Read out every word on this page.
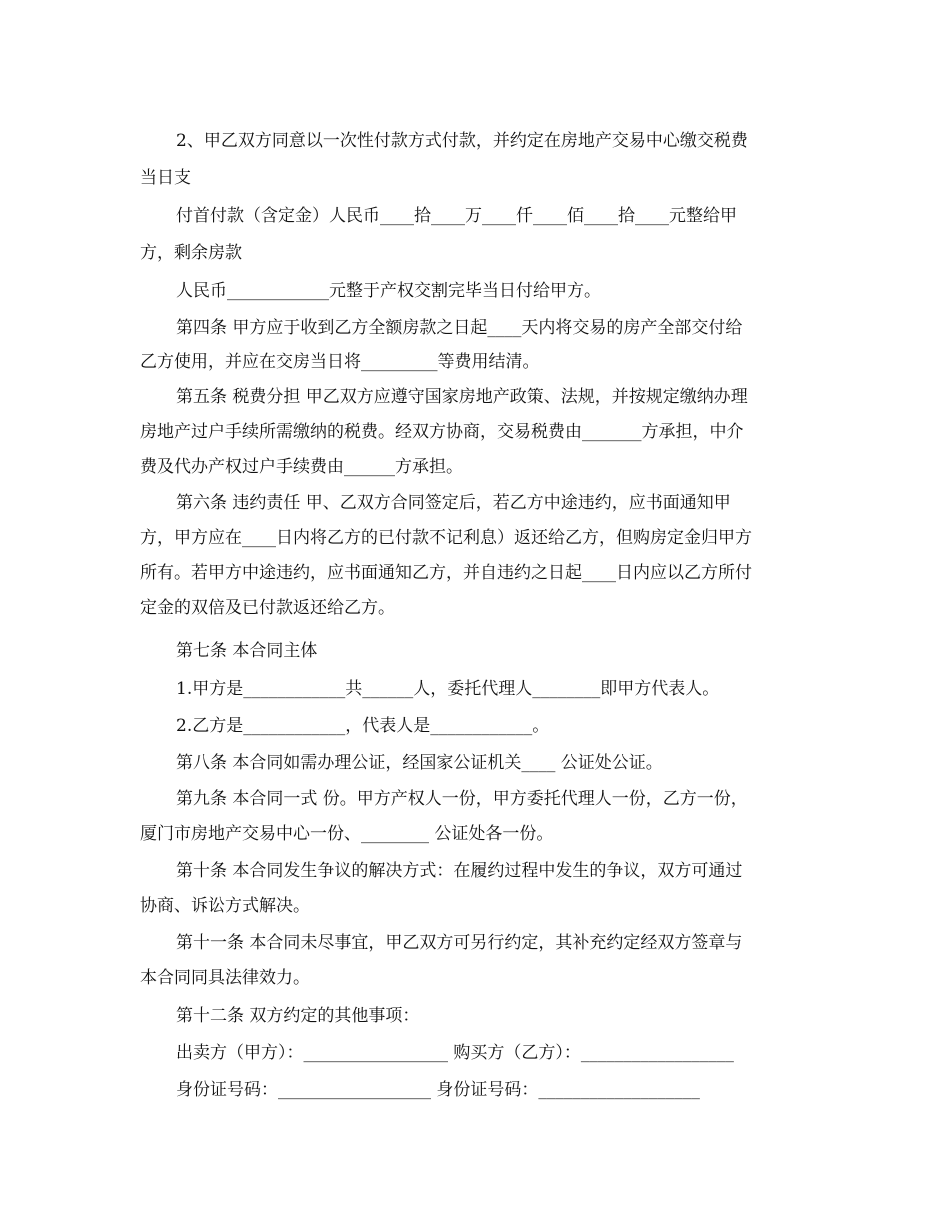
2、甲乙双方同意以一次性付款方式付款，并约定在房地产交易中心缴交税费
当日支
付首付款（含定金）人民币____拾____万____仟____佰____拾____元整给甲
方，剩余房款
人民币____________元整于产权交割完毕当日付给甲方。
第四条 甲方应于收到乙方全额房款之日起____天内将交易的房产全部交付给
乙方使用，并应在交房当日将_________等费用结清。
第五条 税费分担 甲乙双方应遵守国家房地产政策、法规，并按规定缴纳办理
房地产过户手续所需缴纳的税费。经双方协商，交易税费由_______方承担，中介
费及代办产权过户手续费由______方承担。
第六条 违约责任 甲、乙双方合同签定后，若乙方中途违约，应书面通知甲
方，甲方应在____日内将乙方的已付款不记利息）返还给乙方，但购房定金归甲方
所有。若甲方中途违约，应书面通知乙方，并自违约之日起____日内应以乙方所付
定金的双倍及已付款返还给乙方。
第七条 本合同主体
1.甲方是____________共______人，委托代理人________即甲方代表人。
2.乙方是____________，代表人是____________。
第八条 本合同如需办理公证，经国家公证机关____ 公证处公证。
第九条 本合同一式 份。甲方产权人一份，甲方委托代理人一份，乙方一份，
厦门市房地产交易中心一份、________ 公证处各一份。
第十条 本合同发生争议的解决方式：在履约过程中发生的争议，双方可通过
协商、诉讼方式解决。
第十一条 本合同未尽事宜，甲乙双方可另行约定，其补充约定经双方签章与
本合同同具法律效力。
第十二条 双方约定的其他事项：
出卖方（甲方）：_________________ 购买方（乙方）：__________________
身份证号码：__________________ 身份证号码：___________________
